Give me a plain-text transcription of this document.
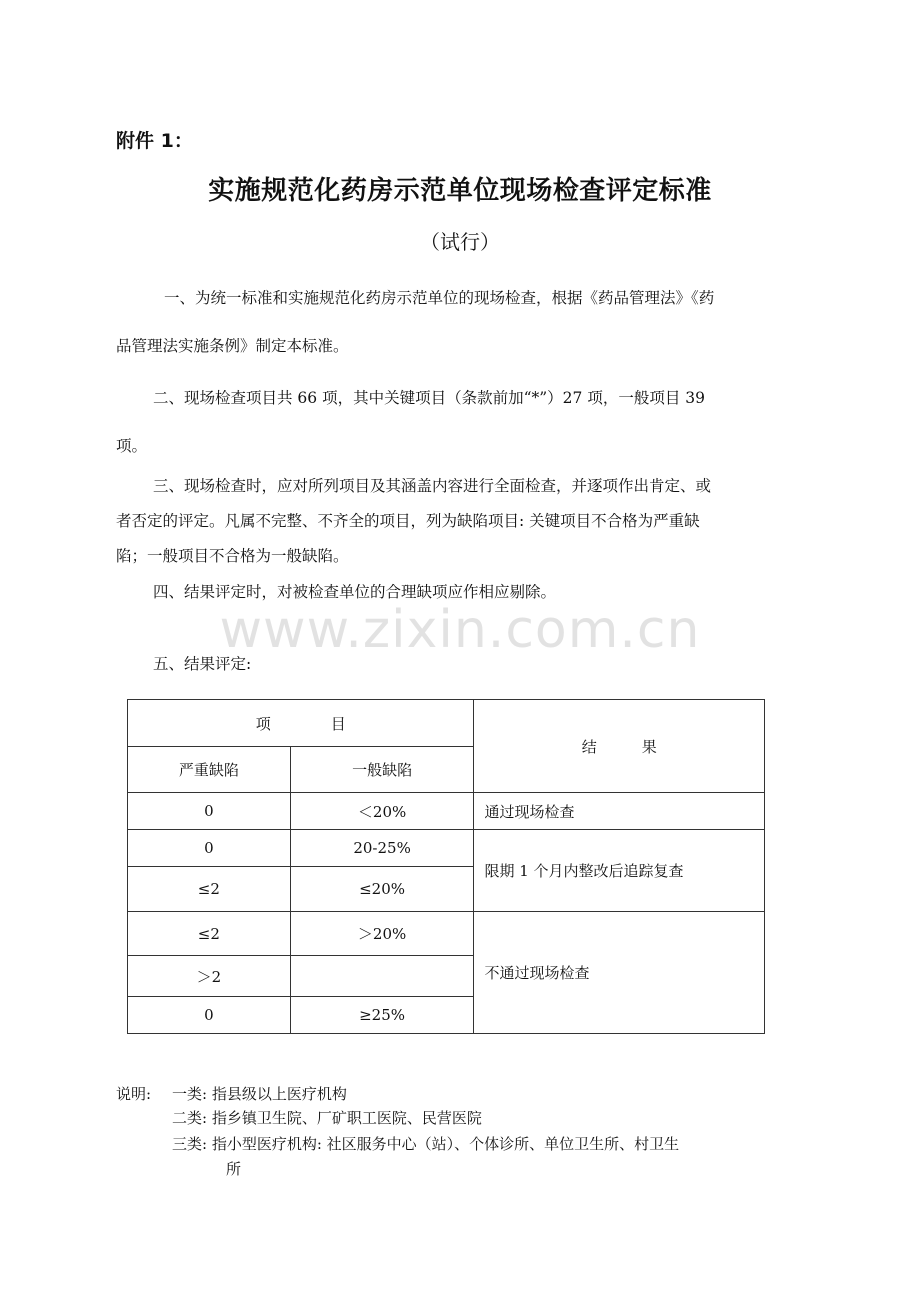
附件 1：
实施规范化药房示范单位现场检查评定标准
（试行）
一、为统一标准和实施规范化药房示范单位的现场检查，根据《药品管理法》《药
品管理法实施条例》制定本标准。
二、现场检查项目共 66 项，其中关键项目（条款前加“*”）27 项，一般项目 39
项。
三、现场检查时，应对所列项目及其涵盖内容进行全面检查，并逐项作出肯定、或
者否定的评定。凡属不完整、不齐全的项目，列为缺陷项目: 关键项目不合格为严重缺
陷；一般项目不合格为一般缺陷。
四、结果评定时，对被检查单位的合理缺项应作相应剔除。
www.zixin.com.cn
五、结果评定:
项　　　　目		结　　　果
严重缺陷	一般缺陷	
0	＜20%	通过现场检查
0	20-25%	限期 1 个月内整改后追踪复查
≤2	≤20%	
≤2	＞20%	不通过现场检查
＞2		
0	≥25%	
说明: 一类: 指县级以上医疗机构
二类: 指乡镇卫生院、厂矿职工医院、民营医院
三类: 指小型医疗机构: 社区服务中心（站）、个体诊所、单位卫生所、村卫生
所
